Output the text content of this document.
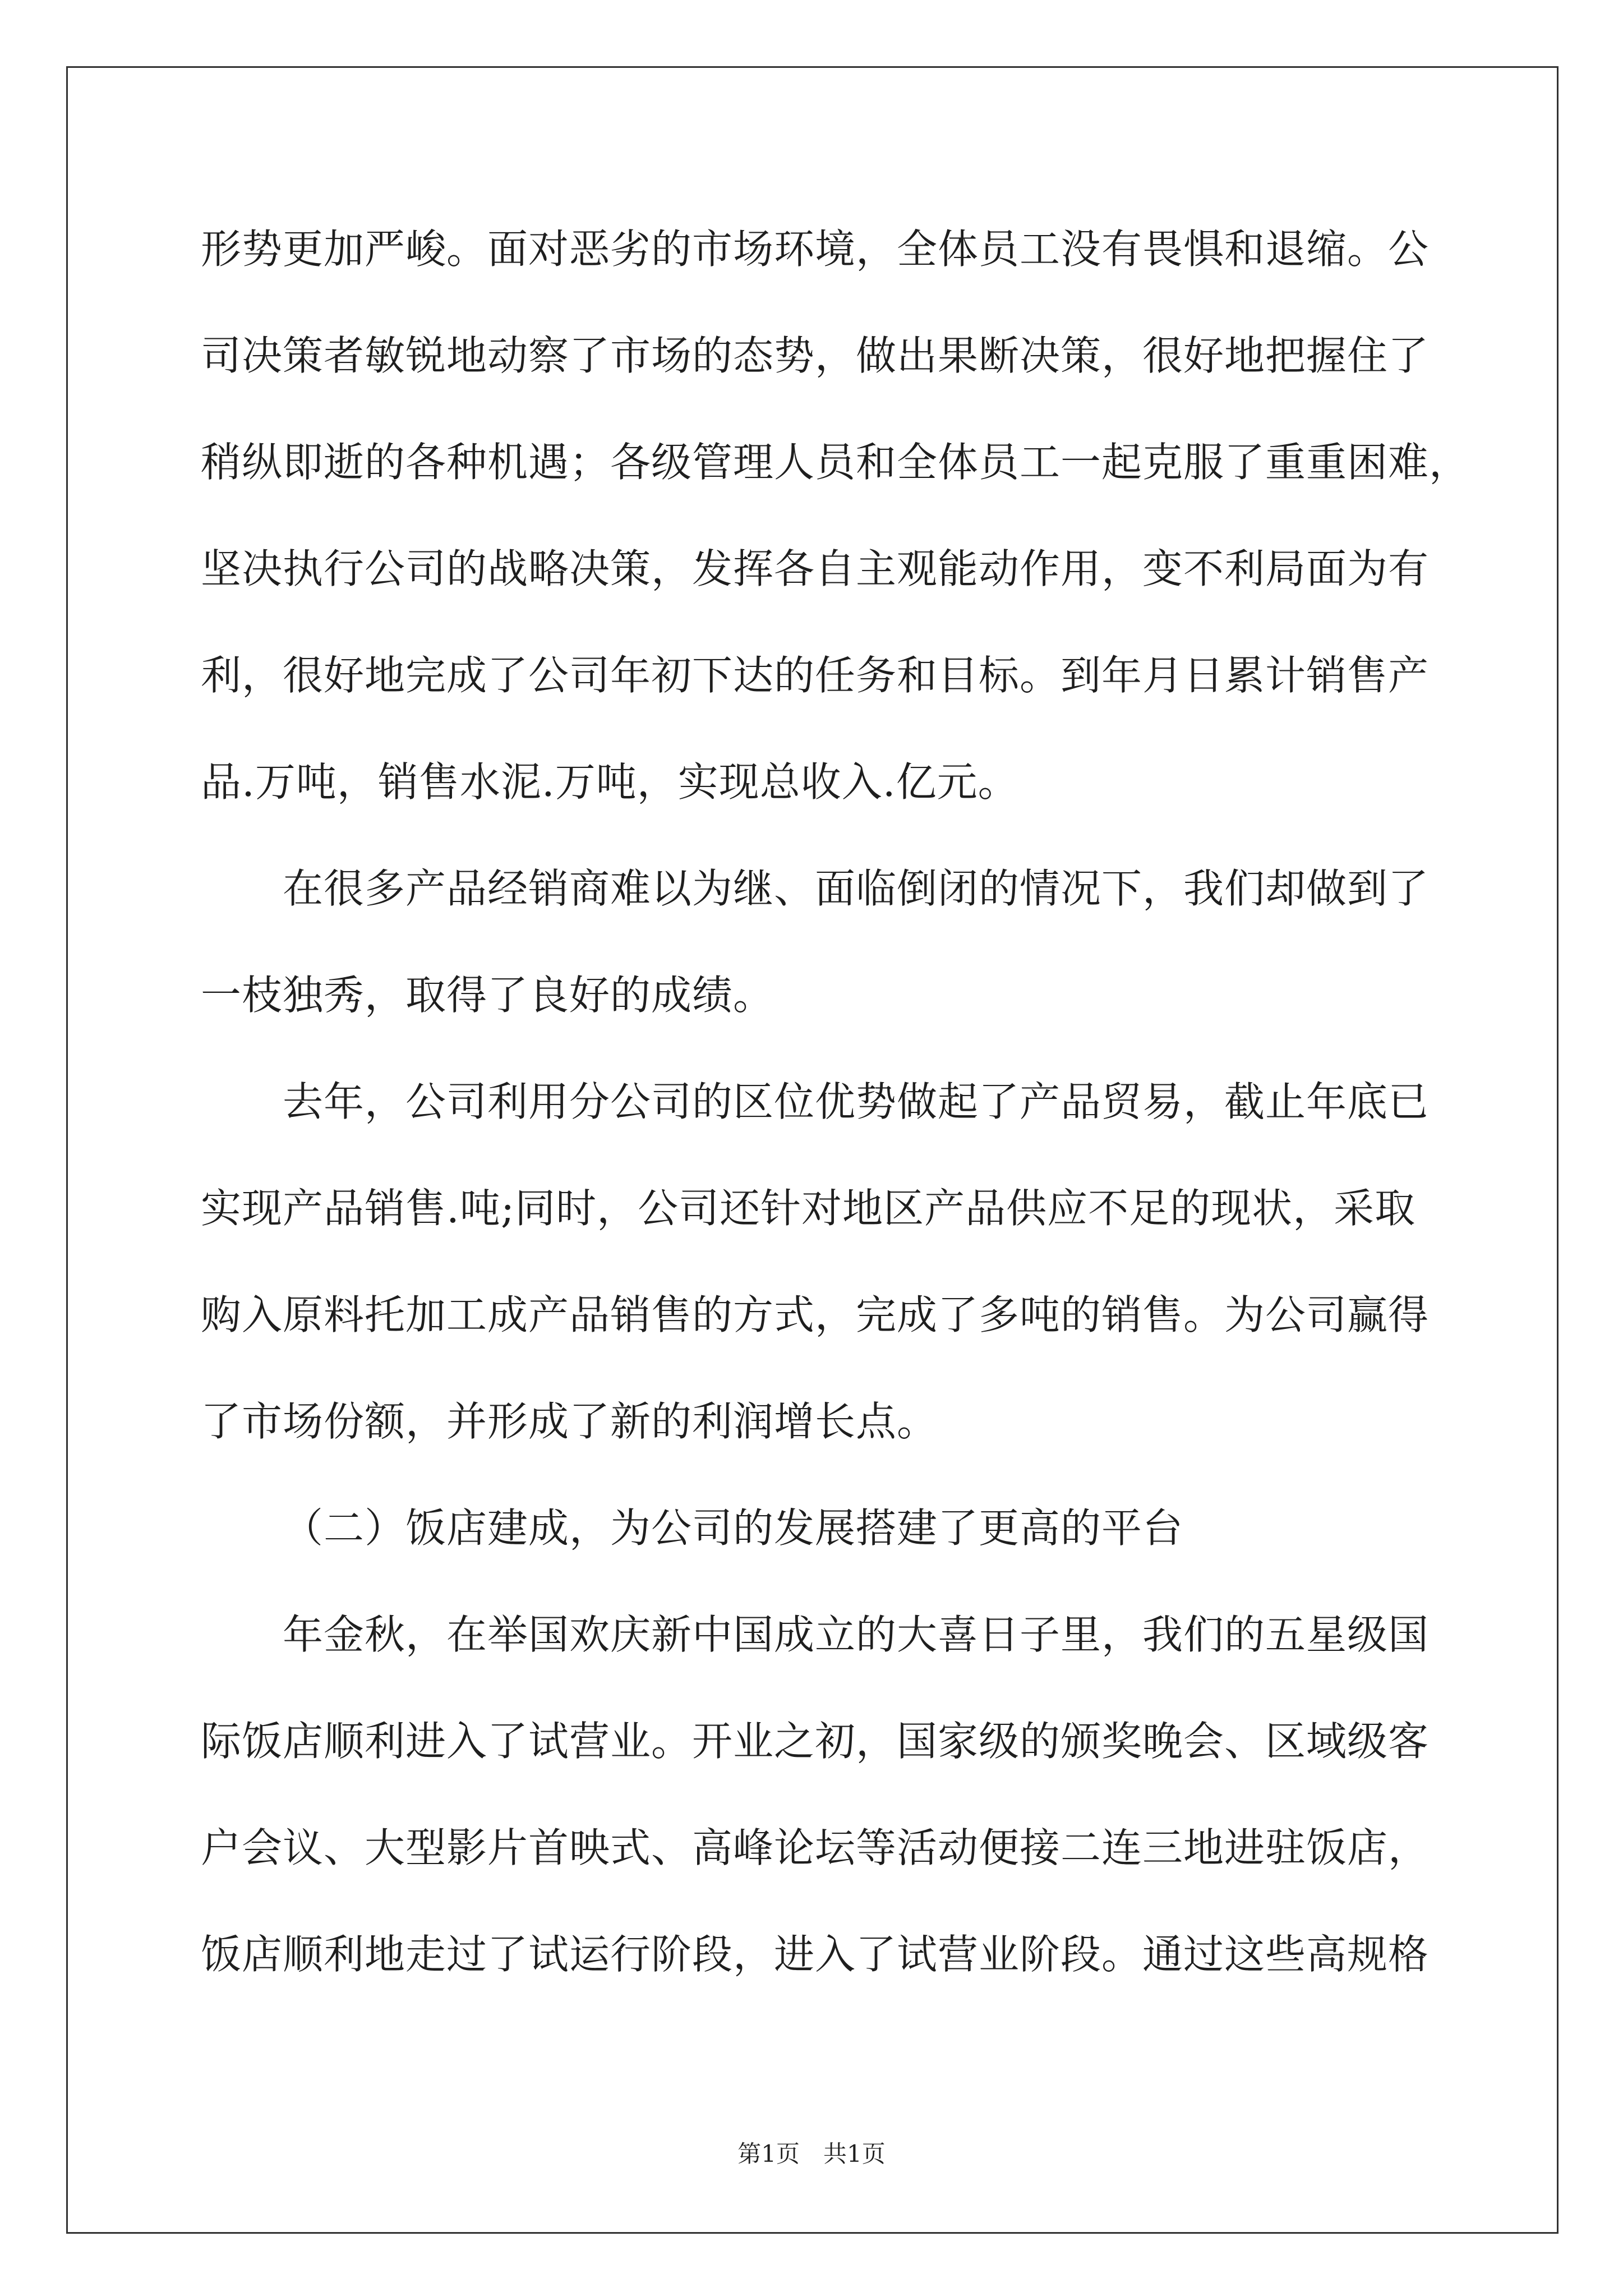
形势更加严峻。面对恶劣的市场环境，全体员工没有畏惧和退缩。公
司决策者敏锐地动察了市场的态势，做出果断决策，很好地把握住了
稍纵即逝的各种机遇；各级管理人员和全体员工一起克服了重重困难，
坚决执行公司的战略决策，发挥各自主观能动作用，变不利局面为有
利，很好地完成了公司年初下达的任务和目标。到年月日累计销售产
品.万吨，销售水泥.万吨，实现总收入.亿元。
在很多产品经销商难以为继、面临倒闭的情况下，我们却做到了
一枝独秀，取得了良好的成绩。
去年，公司利用分公司的区位优势做起了产品贸易，截止年底已
实现产品销售.吨;同时，公司还针对地区产品供应不足的现状，采取
购入原料托加工成产品销售的方式，完成了多吨的销售。为公司赢得
了市场份额，并形成了新的利润增长点。
（二）饭店建成，为公司的发展搭建了更高的平台
年金秋，在举国欢庆新中国成立的大喜日子里，我们的五星级国
际饭店顺利进入了试营业。开业之初，国家级的颁奖晚会、区域级客
户会议、大型影片首映式、高峰论坛等活动便接二连三地进驻饭店，
饭店顺利地走过了试运行阶段，进入了试营业阶段。通过这些高规格
第1页　共1页
